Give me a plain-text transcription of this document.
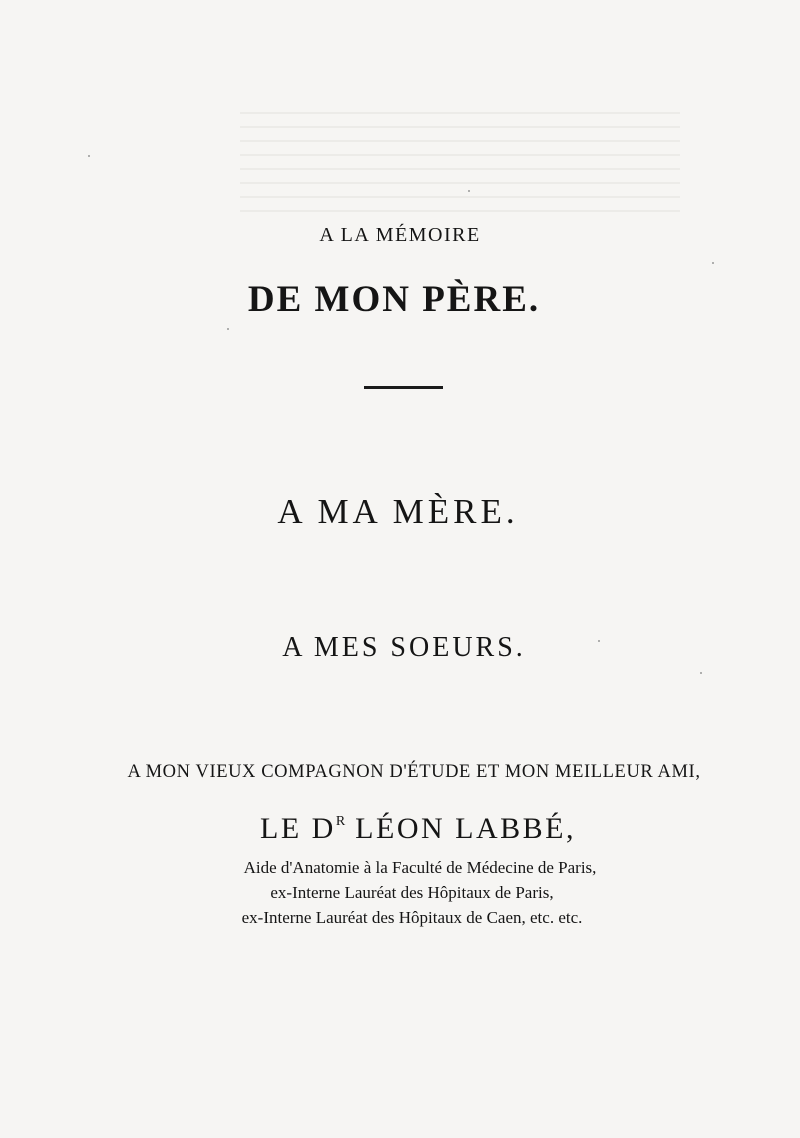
A LA MÉMOIRE
DE MON PÈRE.
A MA MÈRE.
A MES SOEURS.
A MON VIEUX COMPAGNON D'ÉTUDE ET MON MEILLEUR AMI,
LE $D^R$ LÉON LABBÉ,
Aide d'Anatomie à la Faculté de Médecine de Paris,
ex-Interne Lauréat des Hôpitaux de Paris,
ex-Interne Lauréat des Hôpitaux de Caen, etc. etc.
